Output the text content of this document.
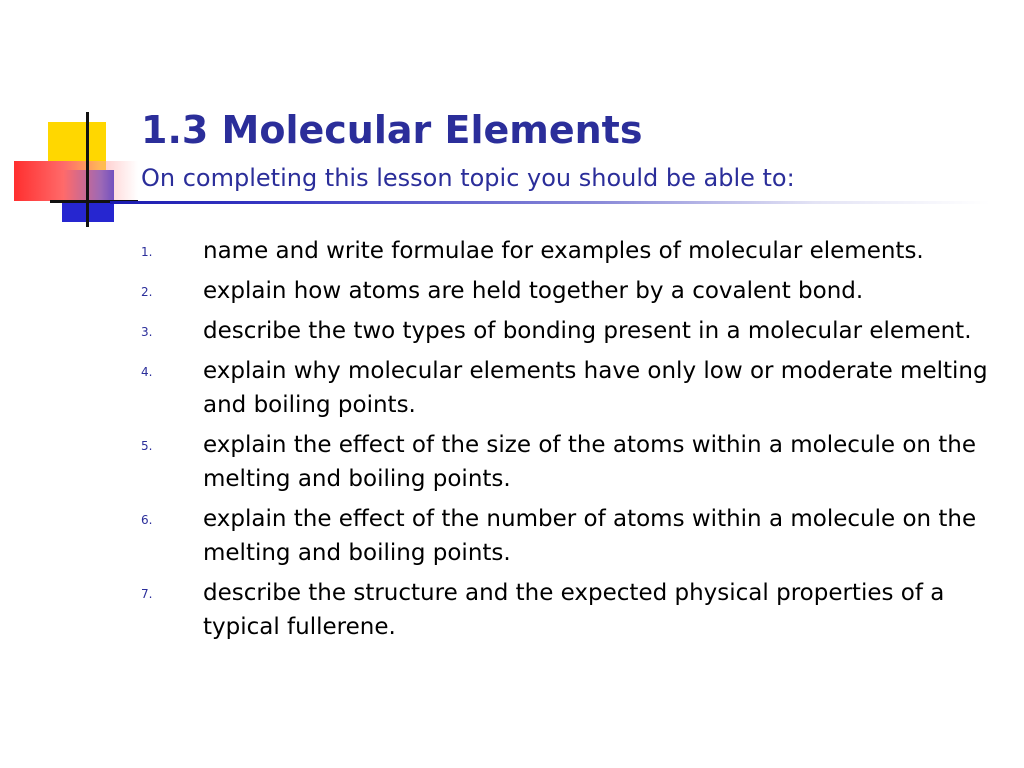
1.3 Molecular Elements

On completing this lesson topic you should be able to:

1. name and write formulae for examples of molecular elements.
2. explain how atoms are held together by a covalent bond.
3. describe the two types of bonding present in a molecular element.
4. explain why molecular elements have only low or moderate melting and boiling points.
5. explain the effect of the size of the atoms within a molecule on the melting and boiling points.
6. explain the effect of the number of atoms within a molecule on the melting and boiling points.
7. describe the structure and the expected physical properties of a typical fullerene.
